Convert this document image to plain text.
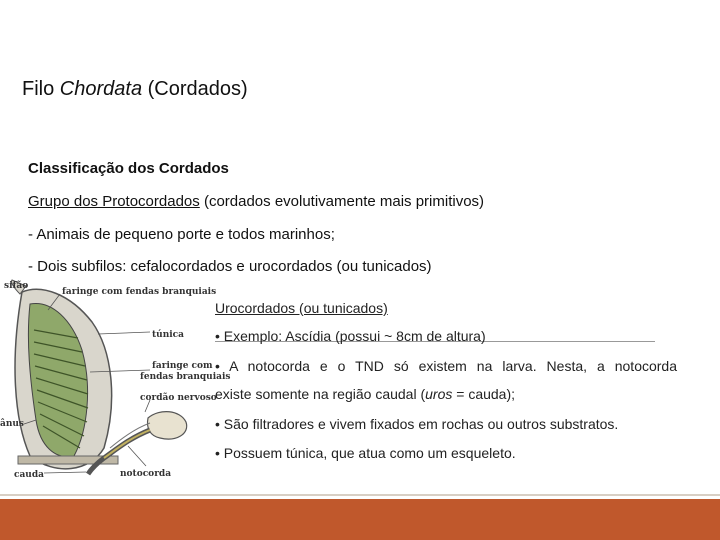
Filo Chordata (Cordados)
Classificação dos Cordados
Grupo dos Protocordados (cordados evolutivamente mais primitivos)
- Animais de pequeno porte e todos marinhos;
- Dois subfilos: cefalocordados e urocordados (ou tunicados)
sifão
faringe com fendas branquiais
túnica
faringe com
fendas branquiais
cordão nervoso
ânus
notocorda
cauda
Urocordados (ou tunicados)

• Exemplo: Ascídia (possui ~ 8cm de altura)

• A notocorda e o TND só existem na larva. Nesta, a notocorda

existe somente na região caudal (uros = cauda);

• São filtradores e vivem fixados em rochas ou outros substratos.

• Possuem túnica, que atua como um esqueleto.
